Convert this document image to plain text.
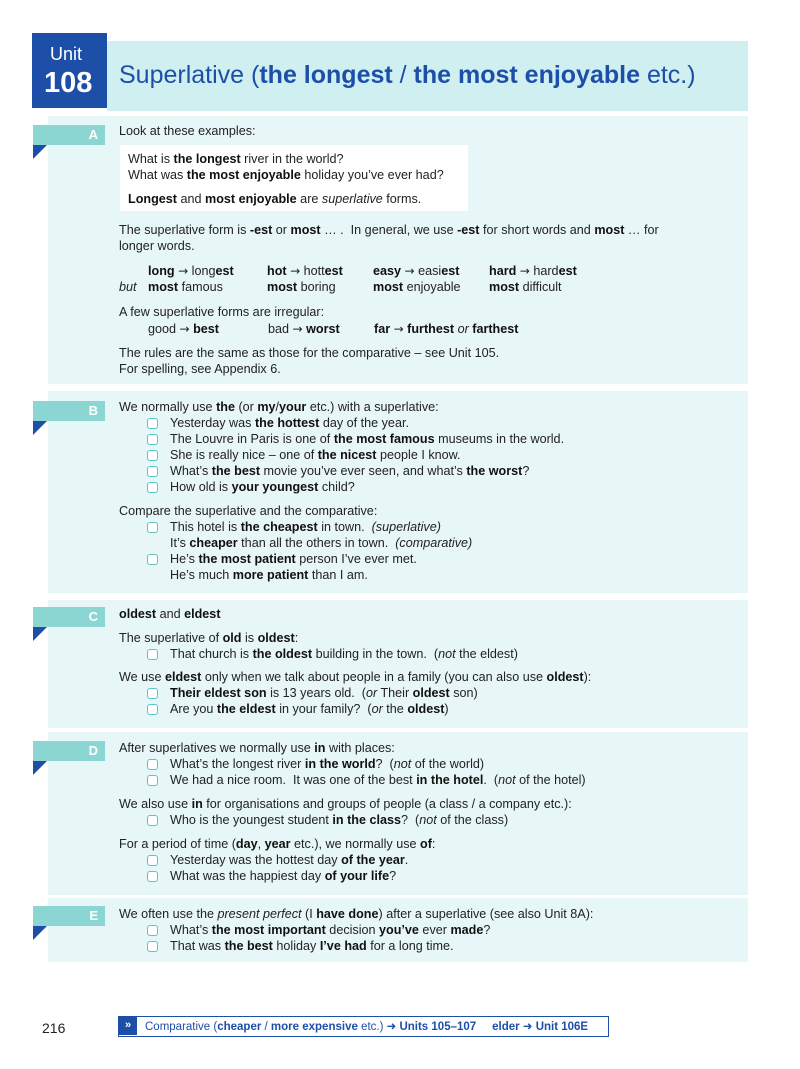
Unit
108 Superlative (the longest / the most enjoyable etc.)
A
B
C
D
E
Look at these examples:
What is the longest river in the world?
What was the most enjoyable holiday you’ve ever had?
Longest and most enjoyable are superlative forms.
The superlative form is -est or most … .  In general, we use -est for short words and most … for
longer words.
long → longest	hot → hottest easy → easiest hard → hardest
but most famous	most boring	most enjoyable most difficult
A few superlative forms are irregular:
good → best	bad → worst	far → furthest or farthest
The rules are the same as those for the comparative – see Unit 105.
For spelling, see Appendix 6.
We normally use the (or my/your etc.) with a superlative:
Yesterday was the hottest day of the year.
The Louvre in Paris is one of the most famous museums in the world.
She is really nice – one of the nicest people I know.
What’s the best movie you’ve ever seen, and what’s the worst?
How old is your youngest child?
Compare the superlative and the comparative:
This hotel is the cheapest in town.  (superlative)
It’s cheaper than all the others in town.  (comparative)
He’s the most patient person I’ve ever met.
He’s much more patient than I am.
oldest and eldest
The superlative of old is oldest:
That church is the oldest building in the town.  (not the eldest)
We use eldest only when we talk about people in a family (you can also use oldest):
Their eldest son is 13 years old.  (or Their oldest son)
Are you the eldest in your family?  (or the oldest)
After superlatives we normally use in with places:
What’s the longest river in the world?  (not of the world)
We had a nice room.  It was one of the best in the hotel.  (not of the hotel)
We also use in for organisations and groups of people (a class / a company etc.):
Who is the youngest student in the class?  (not of the class)
For a period of time (day, year etc.), we normally use of:
Yesterday was the hottest day of the year.
What was the happiest day of your life?
We often use the present perfect (I have done) after a superlative (see also Unit 8A):
What’s the most important decision you’ve ever made?
That was the best holiday I’ve had for a long time.
216	»	Comparative (cheaper / more expensive etc.) ➜ Units 105–107 elder ➜ Unit 106E
